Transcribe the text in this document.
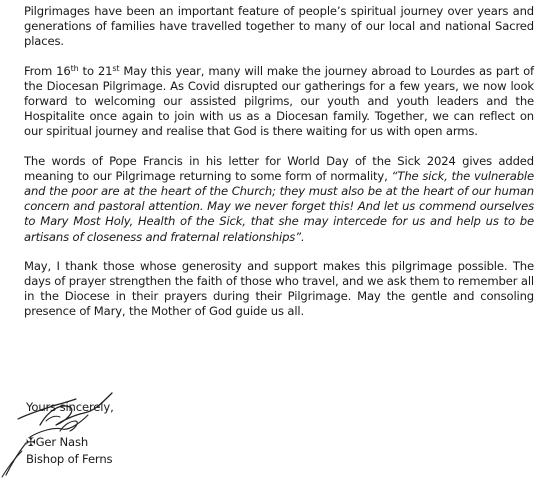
Pilgrimages have been an important feature of people’s spiritual journey over years and generations of families have travelled together to many of our local and national Sacred places.

From 16th to 21st May this year, many will make the journey abroad to Lourdes as part of the Diocesan Pilgrimage. As Covid disrupted our gatherings for a few years, we now look forward to welcoming our assisted pilgrims, our youth and youth leaders and the Hospitalite once again to join with us as a Diocesan family. Together, we can reflect on our spiritual journey and realise that God is there waiting for us with open arms.

The words of Pope Francis in his letter for World Day of the Sick 2024 gives added meaning to our Pilgrimage returning to some form of normality, “The sick, the vulnerable and the poor are at the heart of the Church; they must also be at the heart of our human concern and pastoral attention. May we never forget this! And let us commend ourselves to Mary Most Holy, Health of the Sick, that she may intercede for us and help us to be artisans of closeness and fraternal relationships”.

May, I thank those whose generosity and support makes this pilgrimage possible. The days of prayer strengthen the faith of those who travel, and we ask them to remember all in the Diocese in their prayers during their Pilgrimage. May the gentle and consoling presence of Mary, the Mother of God guide us all.

Yours sincerely,
✠Ger Nash
Bishop of Ferns
